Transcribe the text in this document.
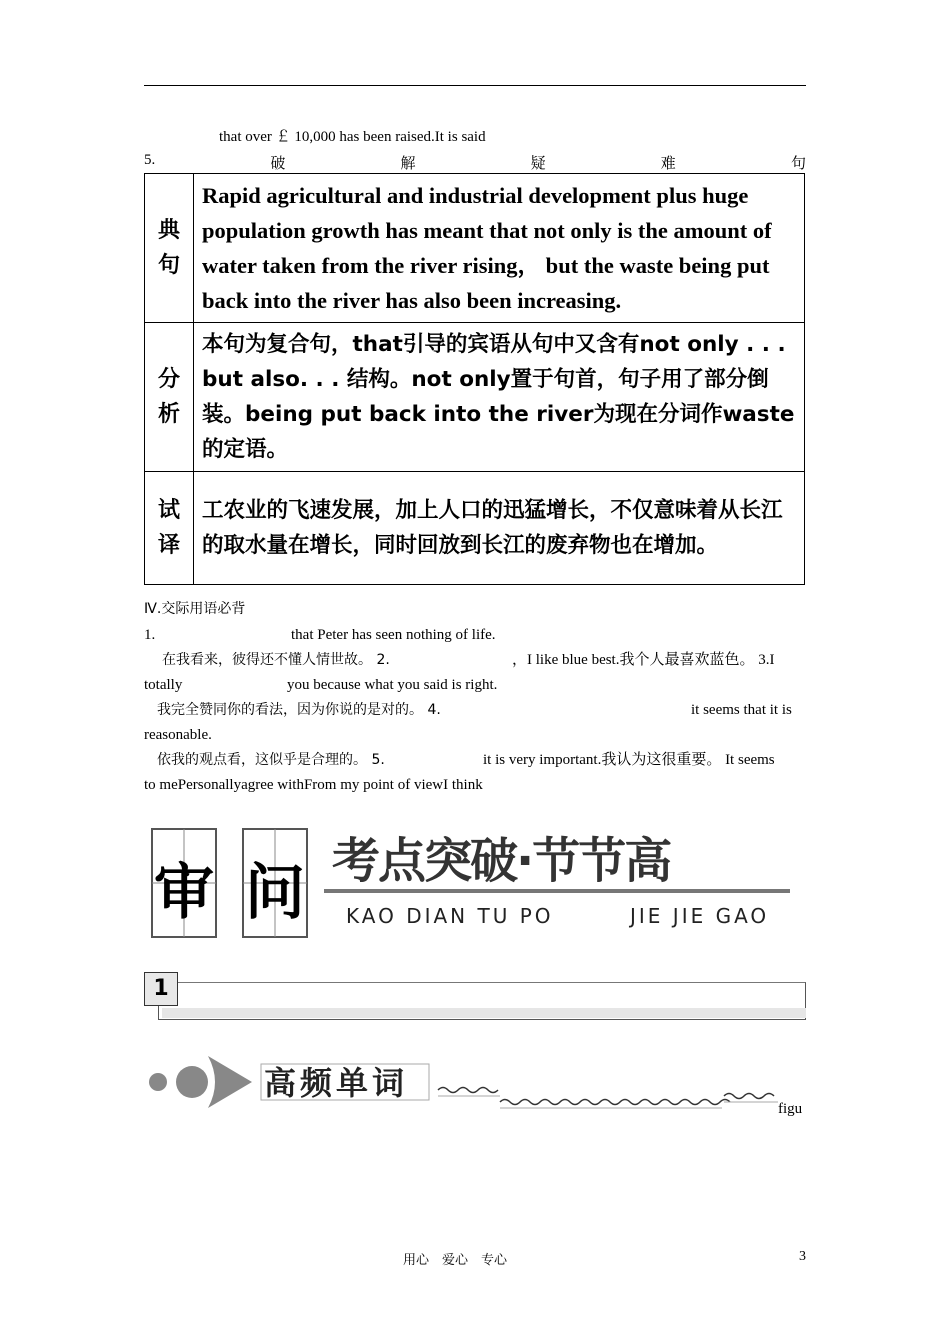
that over ￡ 10,000 has been raised.It is said
5.	破	解	疑	难	句
典
句	Rapid agricultural and industrial development plus huge population growth has meant that not only is the amount of water taken from the river rising， but the waste being put back into the river has also been increasing.
分
析	本句为复合句，that引导的宾语从句中又含有not only . . . but also. . . 结构。not only置于句首，句子用了部分倒装。being put back into the river为现在分词作waste的定语。
试
译	工农业的飞速发展，加上人口的迅猛增长，不仅意味着从长江的取水量在增长，同时回放到长江的废弃物也在增加。
Ⅳ.交际用语必背
1.	that Peter has seen nothing of life.
在我看来，彼得还不懂人情世故。 2.	，I like blue best.我个人最喜欢蓝色。 3.I
totally	you because what you said is right.
我完全赞同你的看法，因为你说的是对的。 4.	it seems that it is
reasonable.
依我的观点看，这似乎是合理的。 5.	it is very important.我认为这很重要。 It seems
to mePersonallyagree withFrom my point of viewI think
审 问 考点突破·节节高
KAO DIAN TU PO	JIE JIE GAO
1
高频单词
figu
用心　爱心　专心	3
